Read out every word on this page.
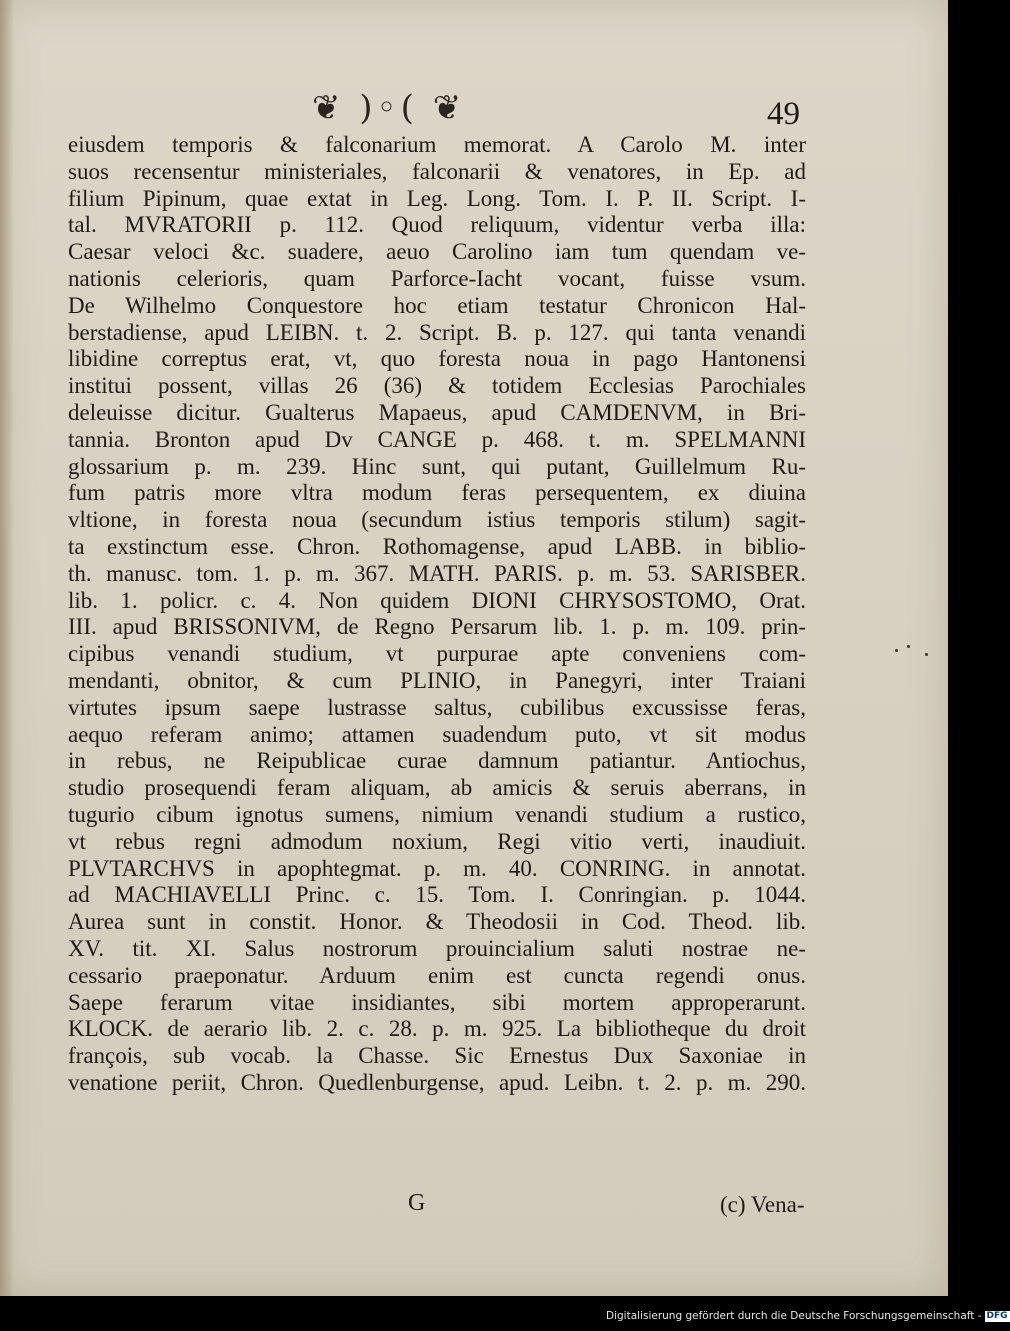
❦ )◦( ❦	49
eiusdem temporis & falconarium memorat. A Carolo M. inter
suos recensentur ministeriales, falconarii & venatores, in Ep. ad
filium Pipinum, quae extat in Leg. Long. Tom. I. P. II. Script. I-
tal. MVRATORII p. 112. Quod reliquum, videntur verba illa:
Caesar veloci &c. suadere, aeuo Carolino iam tum quendam ve-
nationis celerioris, quam Parforce-Iacht vocant, fuisse vsum.
De Wilhelmo Conquestore hoc etiam testatur Chronicon Hal-
berstadiense, apud LEIBN. t. 2. Script. B. p. 127. qui tanta venandi
libidine correptus erat, vt, quo foresta noua in pago Hantonensi
institui possent, villas 26 (36) & totidem Ecclesias Parochiales
deleuisse dicitur. Gualterus Mapaeus, apud CAMDENVM, in Bri-
tannia. Bronton apud Dv CANGE p. 468. t. m. SPELMANNI
glossarium p. m. 239. Hinc sunt, qui putant, Guillelmum Ru-
fum patris more vltra modum feras persequentem, ex diuina
vltione, in foresta noua (secundum istius temporis stilum) sagit-
ta exstinctum esse. Chron. Rothomagense, apud LABB. in biblio-
th. manusc. tom. 1. p. m. 367. MATH. PARIS. p. m. 53. SARISBER.
lib. 1. policr. c. 4. Non quidem DIONI CHRYSOSTOMO, Orat.
III. apud BRISSONIVM, de Regno Persarum lib. 1. p. m. 109. prin-
cipibus venandi studium, vt purpurae apte conveniens com-
mendanti, obnitor, & cum PLINIO, in Panegyri, inter Traiani
virtutes ipsum saepe lustrasse saltus, cubilibus excussisse feras,
aequo referam animo; attamen suadendum puto, vt sit modus
in rebus, ne Reipublicae curae damnum patiantur. Antiochus,
studio prosequendi feram aliquam, ab amicis & seruis aberrans, in
tugurio cibum ignotus sumens, nimium venandi studium a rustico,
vt rebus regni admodum noxium, Regi vitio verti, inaudiuit.
PLVTARCHVS in apophtegmat. p. m. 40. CONRING. in annotat.
ad MACHIAVELLI Princ. c. 15. Tom. I. Conringian. p. 1044.
Aurea sunt in constit. Honor. & Theodosii in Cod. Theod. lib.
XV. tit. XI. Salus nostrorum prouincialium saluti nostrae ne-
cessario praeponatur. Arduum enim est cuncta regendi onus.
Saepe ferarum vitae insidiantes, sibi mortem approperarunt.
KLOCK. de aerario lib. 2. c. 28. p. m. 925. La bibliotheque du droit
françois, sub vocab. la Chasse. Sic Ernestus Dux Saxoniae in
venatione periit, Chron. Quedlenburgense, apud. Leibn. t. 2. p. m. 290.
G	(c) Vena-
Digitalisierung gefördert durch die Deutsche Forschungsgemeinschaft - DFG
